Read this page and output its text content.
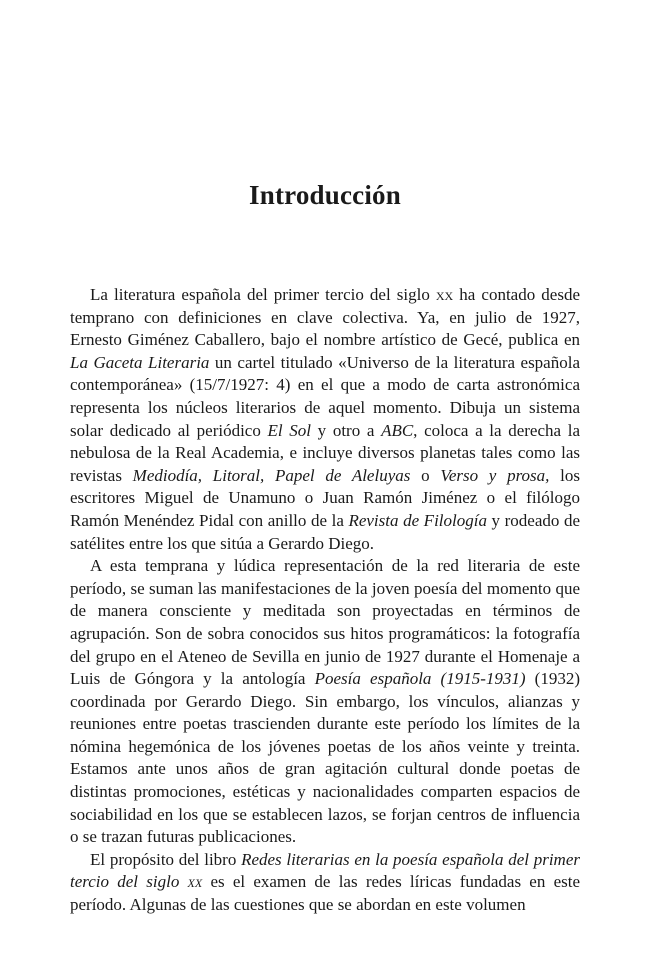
Introducción

La literatura española del primer tercio del siglo xx ha contado desde temprano con definiciones en clave colectiva. Ya, en julio de 1927, Ernesto Giménez Caballero, bajo el nombre artístico de Gecé, publica en La Gaceta Literaria un cartel titulado «Universo de la literatura española contemporánea» (15/7/1927: 4) en el que a modo de carta astronómica representa los núcleos literarios de aquel momento. Dibuja un sistema solar dedicado al periódico El Sol y otro a ABC, coloca a la derecha la nebulosa de la Real Academia, e incluye diversos planetas tales como las revistas Mediodía, Litoral, Papel de Aleluyas o Verso y prosa, los escritores Miguel de Unamuno o Juan Ramón Jiménez o el filólogo Ramón Menéndez Pidal con anillo de la Revista de Filología y rodeado de satélites entre los que sitúa a Gerardo Diego.

A esta temprana y lúdica representación de la red literaria de este período, se suman las manifestaciones de la joven poesía del momento que de manera consciente y meditada son proyectadas en términos de agrupación. Son de sobra conocidos sus hitos programáticos: la fotografía del grupo en el Ateneo de Sevilla en junio de 1927 durante el Homenaje a Luis de Góngora y la antología Poesía española (1915-1931) (1932) coordinada por Gerardo Diego. Sin embargo, los vínculos, alianzas y reuniones entre poetas trascienden durante este período los límites de la nómina hegemónica de los jóvenes poetas de los años veinte y treinta. Estamos ante unos años de gran agitación cultural donde poetas de distintas promociones, estéticas y nacionalidades comparten espacios de sociabilidad en los que se establecen lazos, se forjan centros de influencia o se trazan futuras publicaciones.

El propósito del libro Redes literarias en la poesía española del primer tercio del siglo xx es el examen de las redes líricas fundadas en este período. Algunas de las cuestiones que se abordan en este volumen
